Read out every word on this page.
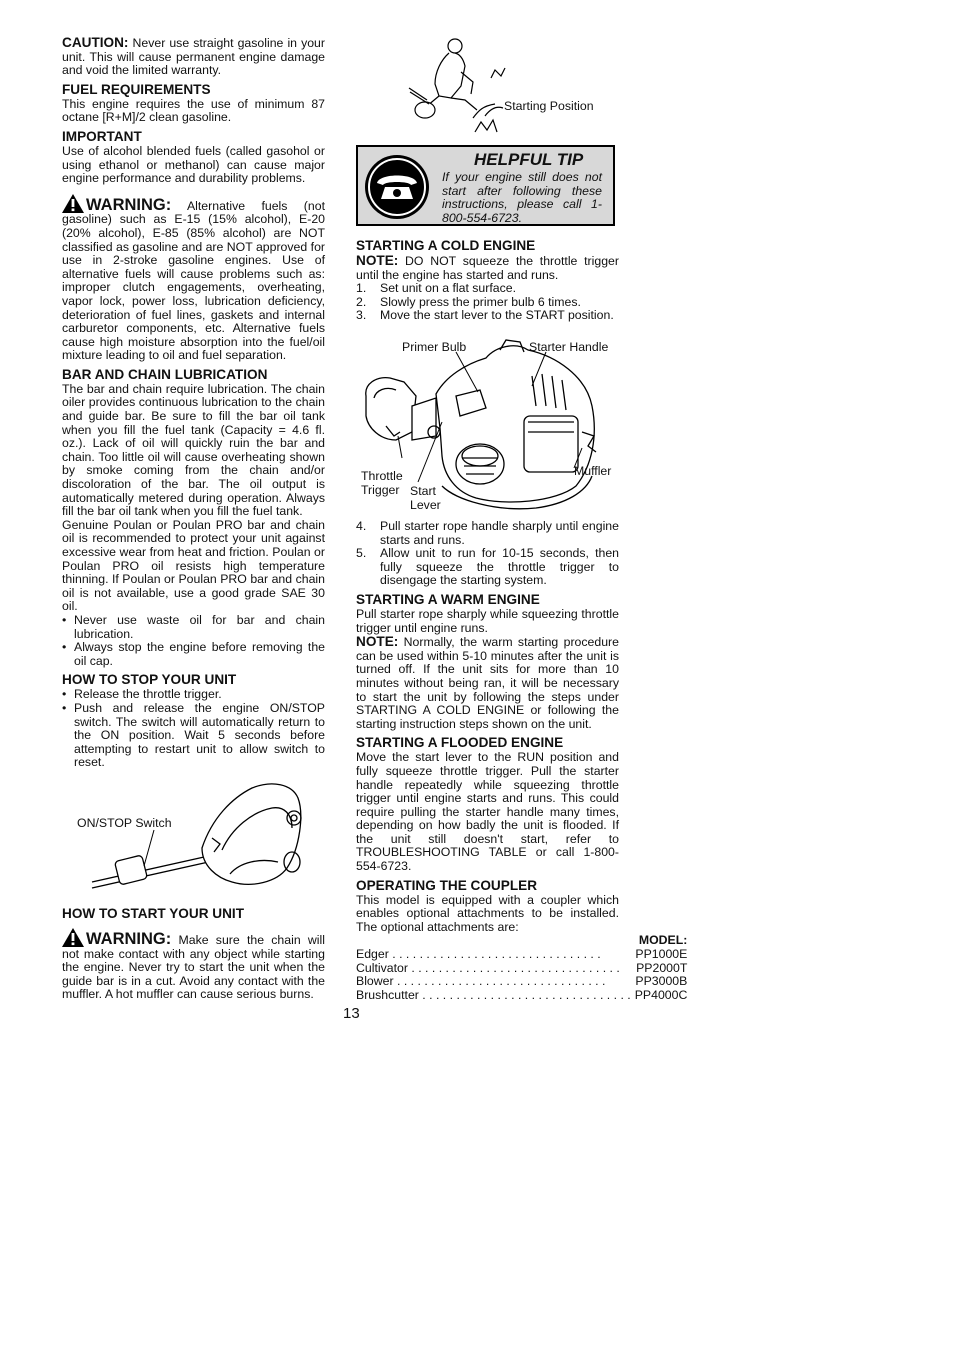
CAUTION: Never use straight gasoline in your unit. This will cause permanent engine damage and void the limited warranty.

FUEL REQUIREMENTS

This engine requires the use of minimum 87 octane [R+M]/2 clean gasoline.

IMPORTANT

Use of alcohol blended fuels (called gasohol or using ethanol or methanol) can cause major engine performance and durability problems.

WARNING: Alternative fuels (not gasoline) such as E-15 (15% alcohol), E-20 (20% alcohol), E-85 (85% alcohol) are NOT classified as gasoline and are NOT approved for use in 2-stroke gasoline engines. Use of alternative fuels will cause problems such as: improper clutch engagements, overheating, vapor lock, power loss, lubrication deficiency, deterioration of fuel lines, gaskets and internal carburetor components, etc. Alternative fuels cause high moisture absorption into the fuel/oil mixture leading to oil and fuel separation.

BAR AND CHAIN LUBRICATION

The bar and chain require lubrication. The chain oiler provides continuous lubrication to the chain and guide bar. Be sure to fill the bar oil tank when you fill the fuel tank (Capacity = 4.6 fl. oz.). Lack of oil will quickly ruin the bar and chain. Too little oil will cause overheating shown by smoke coming from the chain and/or discoloration of the bar. The oil output is automatically metered during operation. Always fill the bar oil tank when you fill the fuel tank.

Genuine Poulan or Poulan PRO bar and chain oil is recommended to protect your unit against excessive wear from heat and friction. Poulan or Poulan PRO oil resists high temperature thinning. If Poulan or Poulan PRO bar and chain oil is not available, use a good grade SAE 30 oil.

• Never use waste oil for bar and chain lubrication.
• Always stop the engine before removing the oil cap.
HOW TO STOP YOUR UNIT
• Release the throttle trigger.
• Push and release the engine ON/STOP switch. The switch will automatically return to the ON position. Wait 5 seconds before attempting to restart unit to allow switch to reset.
ON/STOP Switch
HOW TO START YOUR UNIT

WARNING: Make sure the chain will not make contact with any object while starting the engine. Never try to start the unit when the guide bar is in a cut. Avoid any contact with the muffler. A hot muffler can cause serious burns.

Starting Position
HELPFUL TIP
If your engine still does not start after following these instructions, please call 1-800-554-6723.
STARTING A COLD ENGINE

NOTE: DO NOT squeeze the throttle trigger until the engine has started and runs.

1. Set unit on a flat surface.
2. Slowly press the primer bulb 6 times.
3. Move the start lever to the START position.
Primer Bulb	Starter Handle
Throttle
Trigger Start
Lever
Muffler
4. Pull starter rope handle sharply until engine starts and runs.
5. Allow unit to run for 10-15 seconds, then fully squeeze the throttle trigger to disengage the starting system.
STARTING A WARM ENGINE

Pull starter rope sharply while squeezing throttle trigger until engine runs.

NOTE: Normally, the warm starting procedure can be used within 5-10 minutes after the unit is turned off. If the unit sits for more than 10 minutes without being ran, it will be necessary to start the unit by following the steps under STARTING A COLD ENGINE or following the starting instruction steps shown on the unit.

STARTING A FLOODED ENGINE

Move the start lever to the RUN position and fully squeeze throttle trigger. Pull the starter handle repeatedly while squeezing throttle trigger until engine starts and runs. This could require pulling the starter handle many times, depending on how badly the unit is flooded. If the unit still doesn't start, refer to TROUBLESHOOTING TABLE or call 1-800-554-6723.

OPERATING THE COUPLER

This model is equipped with a coupler which enables optional attachments to be installed. The optional attachments are:

	MODEL:
Edger . . . . . . . . . . . . . . . . . . . . . . . . . . . . . . .	PP1000E
Cultivator . . . . . . . . . . . . . . . . . . . . . . . . . . . . . . .	PP2000T
Blower . . . . . . . . . . . . . . . . . . . . . . . . . . . . . . .	PP3000B
Brushcutter . . . . . . . . . . . . . . . . . . . . . . . . . . . . . . .	PP4000C
13
